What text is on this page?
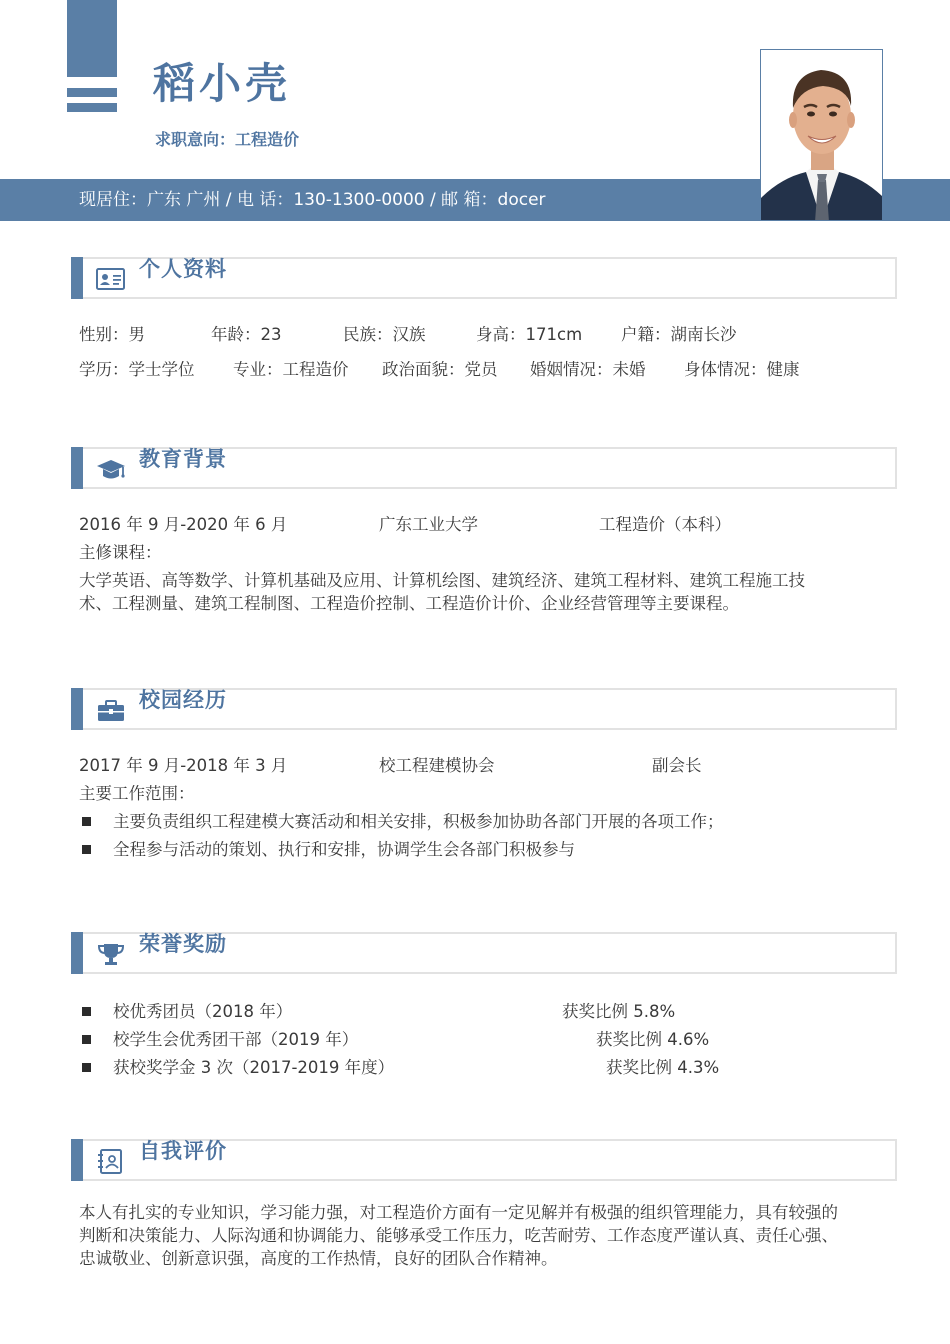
稻小壳
求职意向：工程造价
现居住：广东 广州 / 电 话：130-1300-0000 / 邮 箱：docer
个人资料
性别：男	年龄：23	民族：汉族	身高：171cm 户籍：湖南长沙
学历：学士学位 专业：工程造价 政治面貌：党员 婚姻情况：未婚 身体情况：健康
教育背景
2016 年 9 月-2020 年 6 月	广东工业大学	工程造价（本科）
主修课程：
大学英语、高等数学、计算机基础及应用、计算机绘图、建筑经济、建筑工程材料、建筑工程施工技
术、工程测量、建筑工程制图、工程造价控制、工程造价计价、企业经营管理等主要课程。
校园经历
2017 年 9 月-2018 年 3 月	校工程建模协会	副会长
主要工作范围：
主要负责组织工程建模大赛活动和相关安排，积极参加协助各部门开展的各项工作；
全程参与活动的策划、执行和安排，协调学生会各部门积极参与
荣誉奖励
校优秀团员（2018 年）	获奖比例 5.8%
校学生会优秀团干部（2019 年）	获奖比例 4.6%
获校奖学金 3 次（2017-2019 年度）	获奖比例 4.3%
自我评价
本人有扎实的专业知识，学习能力强，对工程造价方面有一定见解并有极强的组织管理能力，具有较强的
判断和决策能力、人际沟通和协调能力、能够承受工作压力，吃苦耐劳、工作态度严谨认真、责任心强、
忠诚敬业、创新意识强，高度的工作热情，良好的团队合作精神。
